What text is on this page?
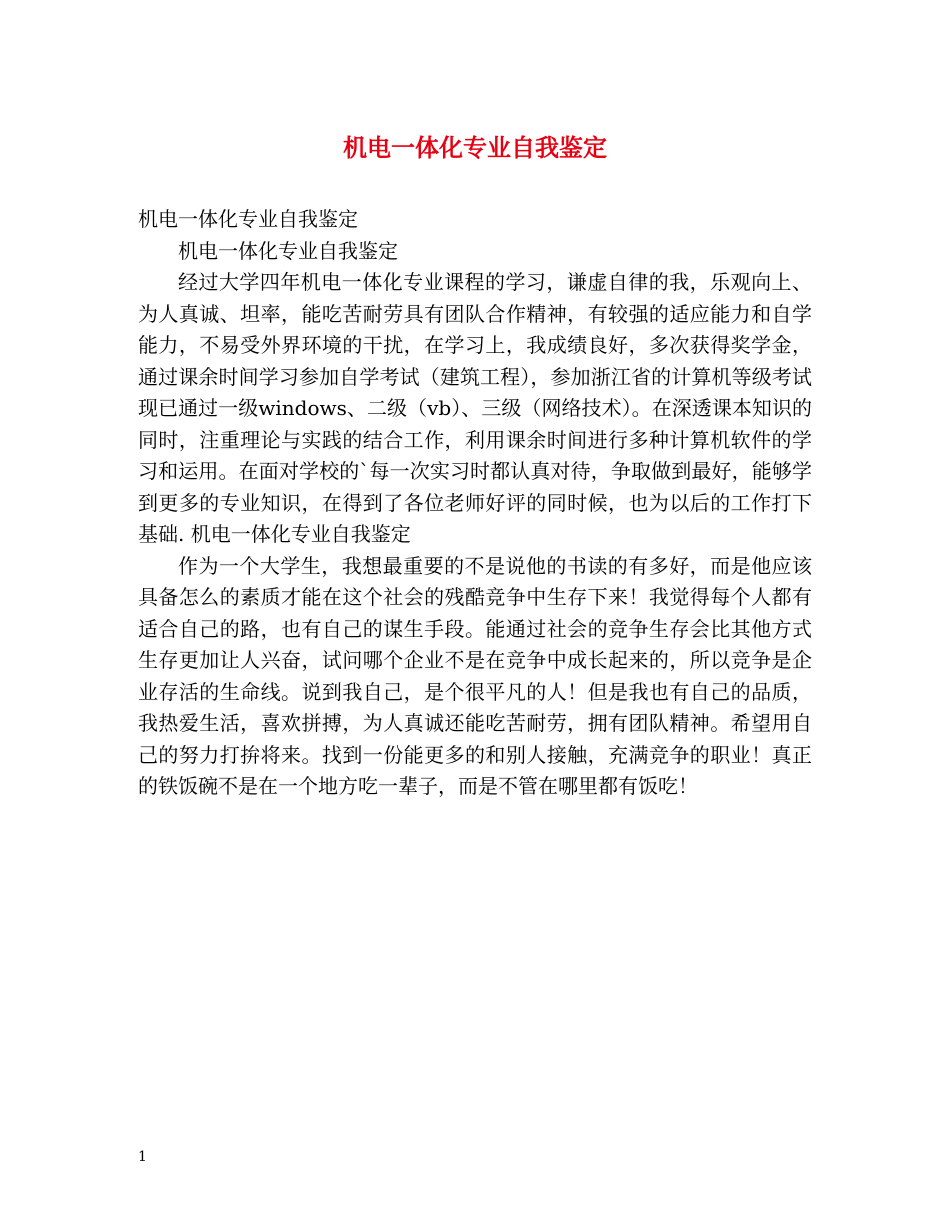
机电一体化专业自我鉴定

机电一体化专业自我鉴定

机电一体化专业自我鉴定

经过大学四年机电一体化专业课程的学习，谦虚自律的我，乐观向上、为人真诚、坦率，能吃苦耐劳具有团队合作精神，有较强的适应能力和自学能力，不易受外界环境的干扰，在学习上，我成绩良好，多次获得奖学金，通过课余时间学习参加自学考试（建筑工程），参加浙江省的计算机等级考试现已通过一级windows、二级（vb）、三级（网络技术）。在深透课本知识的同时，注重理论与实践的结合工作，利用课余时间进行多种计算机软件的学习和运用。在面对学校的`每一次实习时都认真对待，争取做到最好，能够学到更多的专业知识，在得到了各位老师好评的同时候，也为以后的工作打下基础. 机电一体化专业自我鉴定

作为一个大学生，我想最重要的不是说他的书读的有多好，而是他应该具备怎么的素质才能在这个社会的残酷竞争中生存下来！我觉得每个人都有适合自己的路，也有自己的谋生手段。能通过社会的竞争生存会比其他方式生存更加让人兴奋，试问哪个企业不是在竞争中成长起来的，所以竞争是企业存活的生命线。说到我自己，是个很平凡的人！但是我也有自己的品质，我热爱生活，喜欢拼搏，为人真诚还能吃苦耐劳，拥有团队精神。希望用自己的努力打拚将来。找到一份能更多的和别人接触，充满竞争的职业！真正的铁饭碗不是在一个地方吃一辈子，而是不管在哪里都有饭吃！

1
